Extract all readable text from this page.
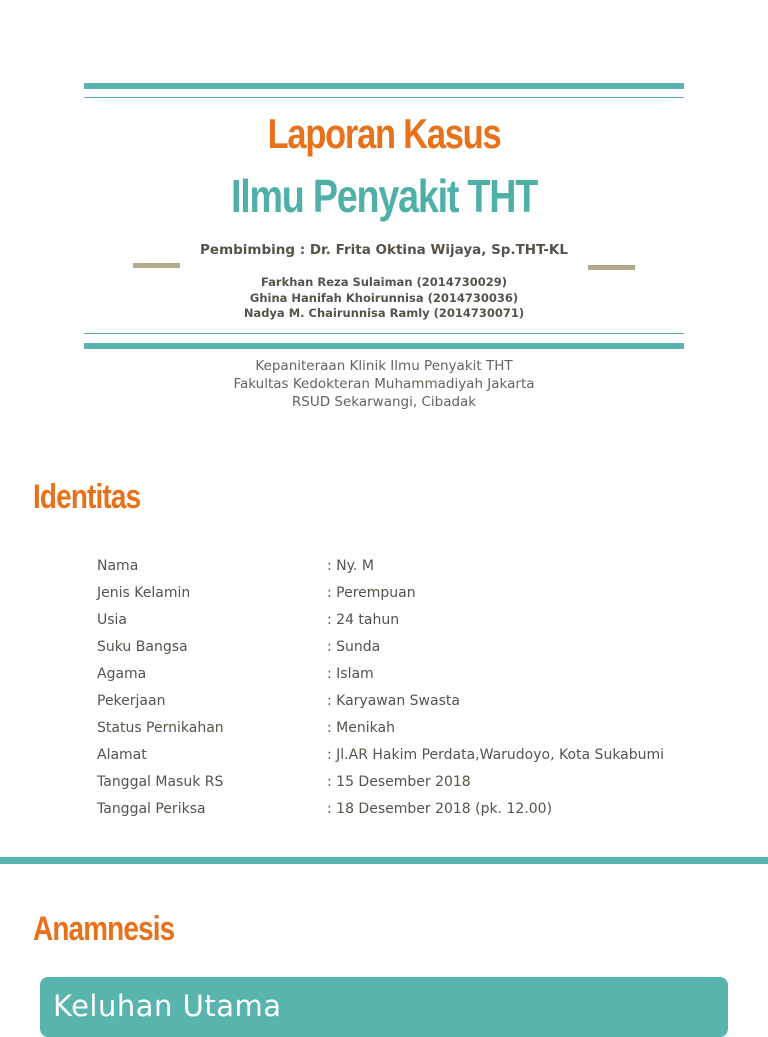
Laporan Kasus
Ilmu Penyakit THT
Pembimbing : Dr. Frita Oktina Wijaya, Sp.THT-KL
Farkhan Reza Sulaiman (2014730029)
Ghina Hanifah Khoirunnisa (2014730036)
Nadya M. Chairunnisa Ramly (2014730071)
Kepaniteraan Klinik Ilmu Penyakit THT
Fakultas Kedokteran Muhammadiyah Jakarta
RSUD Sekarwangi, Cibadak
Identitas
Nama	: Ny. M
Jenis Kelamin	: Perempuan
Usia	: 24 tahun
Suku Bangsa	: Sunda
Agama	: Islam
Pekerjaan	: Karyawan Swasta
Status Pernikahan	: Menikah
Alamat	: Jl.AR Hakim Perdata,Warudoyo, Kota Sukabumi
Tanggal Masuk RS	: 15 Desember 2018
Tanggal Periksa	: 18 Desember 2018 (pk. 12.00)
Anamnesis
Keluhan Utama
